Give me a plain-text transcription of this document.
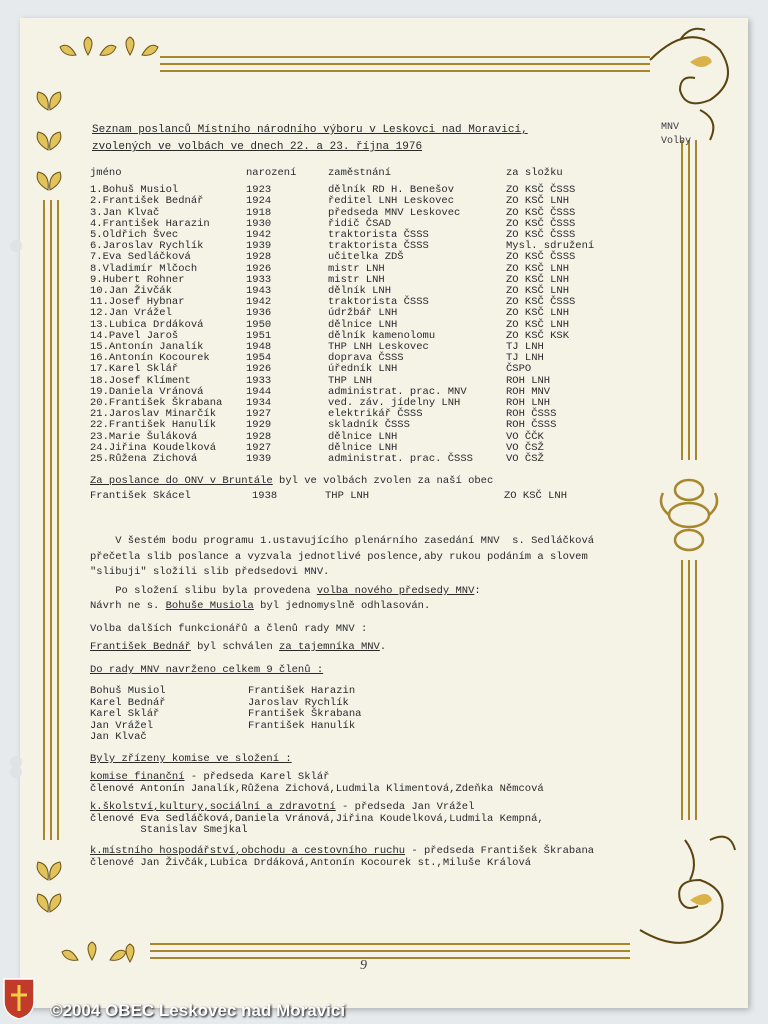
Seznam poslanců Místního národního výboru v Leskovci nad Moravicí,
zvolených ve volbách ve dnech 22. a 23. října 1976
MNV
Volby
jméno	narození	zaměstnání	za složku

1.Bohuš Musiol	1923	dělník RD H. Benešov	ZO KSČ ČSSS
2.František Bednář	1924	ředitel LNH Leskovec	ZO KSČ LNH
3.Jan Klvač	1918	předseda MNV Leskovec	ZO KSČ ČSSS
4.František Harazin	1930	řidič ČSAD	ZO KSČ ČSSS
5.Oldřich Švec	1942	traktorista ČSSS	ZO KSČ ČSSS
6.Jaroslav Rychlík	1939	traktorista ČSSS	Mysl. sdružení
7.Eva Sedláčková	1928	učitelka ZDŠ	ZO KSČ ČSSS
8.Vladimír Mlčoch	1926	mistr LNH	ZO KSČ LNH
9.Hubert Rohner	1933	mistr LNH	ZO KSČ LNH
10.Jan Živčák	1943	dělník LNH	ZO KSČ LNH
11.Josef Hybnar	1942	traktorista ČSSS	ZO KSČ ČSSS
12.Jan Vrážel	1936	údržbář LNH	ZO KSČ LNH
13.Lubica Drdáková	1950	dělnice LNH	ZO KSČ LNH
14.Pavel Jaroš	1951	dělník kamenolomu	ZO KSČ KSK
15.Antonín Janalík	1948	THP LNH Leskovec	TJ LNH
16.Antonín Kocourek	1954	doprava ČSSS	TJ LNH
17.Karel Sklář	1926	úředník LNH	ČSPO
18.Josef Klíment	1933	THP LNH	ROH LNH
19.Daniela Vránová	1944	administrat. prac. MNV	ROH MNV
20.František Škrabana	1934	ved. záv. jídelny LNH	ROH LNH
21.Jaroslav Minarčík	1927	elektrikář ČSSS	ROH ČSSS
22.František Hanulík	1929	skladník ČSSS	ROH ČSSS
23.Marie Šuláková	1928	dělnice LNH	VO ČČK
24.Jiřina Koudelková	1927	dělnice LNH	VO ČSŽ
25.Růžena Zichová	1939	administrat. prac. ČSSS	VO ČSŽ
Za poslance do ONV v Bruntále byl ve volbách zvolen za naší obec
František Skácel	1938	THP LNH	ZO KSČ LNH
V šestém bodu programu 1.ustavujícího plenárního zasedání MNV  s. Sedláčková
přečetla slib poslance a vyzvala jednotlivé poslence,aby rukou podáním a slovem
"slibuji" složili slib předsedovi MNV.
Po složení slibu byla provedena volba nového předsedy MNV:
Návrh ne s. Bohuše Musiola byl jednomyslně odhlasován.
Volba dalších funkcionářů a členů rady MNV :
František Bednář byl schválen za tajemníka MNV.
Do rady MNV navrženo celkem 9 členů :
Bohuš Musiol
Karel Bednář
Karel Sklář
Jan Vrážel
Jan Klvač
František Harazin
Jaroslav Rychlík
František Škrabana
František Hanulík
Byly zřízeny komise ve složení :
komise finanční - předseda Karel Sklář
členové Antonín Janalík,Růžena Zichová,Ludmila Klimentová,Zdeňka Němcová
k.školství,kultury,sociální a zdravotní - předseda Jan Vrážel
členové Eva Sedláčková,Daniela Vránová,Jiřina Koudelková,Ludmila Kempná,
Stanislav Smejkal
k.místního hospodářství,obchodu a cestovního ruchu - předseda František Škrabana
členové Jan Živčák,Lubica Drdáková,Antonín Kocourek st.,Miluše Králová
9
©2004 OBEC Leskovec nad Moravicí
